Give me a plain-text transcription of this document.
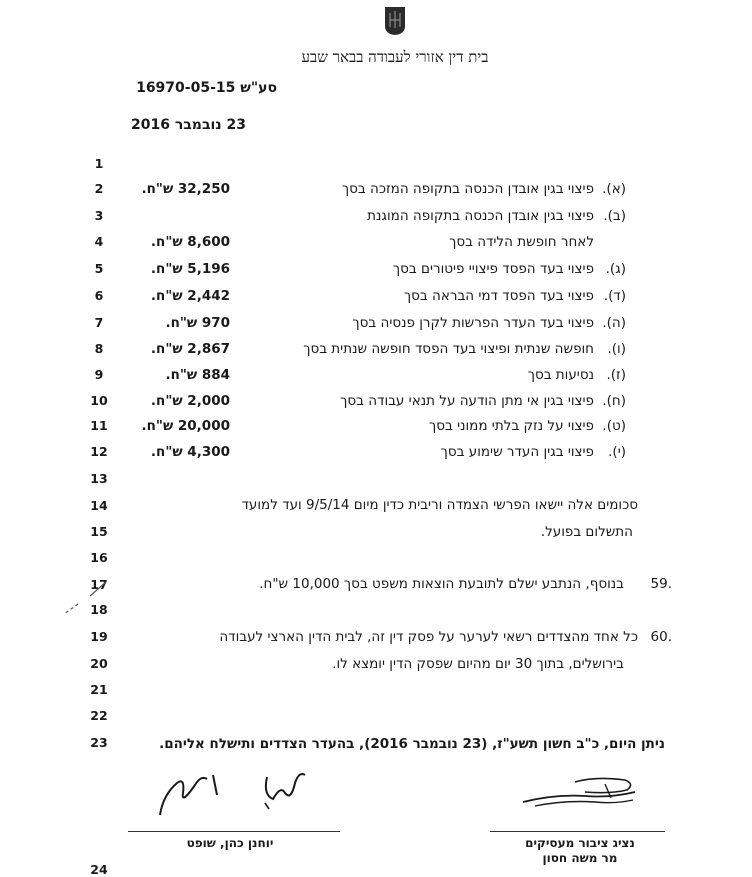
בית דין אזורי לעבודה בבאר שבע
סע"ש 16970-05-15
23 נובמבר 2016
1
2
3
4
5
6
7
8
9
10
11
12
13
14
15
16
17
18
19
20
21
22
23
24
(א).
פיצוי בגין אובדן הכנסה בתקופה המזכה בסך
32,250 ש"ח.
(ב).
פיצוי בגין אובדן הכנסה בתקופה המוגנת
לאחר חופשת הלידה בסך
8,600 ש"ח.
(ג).
פיצוי בעד הפסד פיצויי פיטורים בסך
5,196 ש"ח.
(ד).
פיצוי בעד הפסד דמי הבראה בסך
2,442 ש"ח.
(ה).
פיצוי בעד העדר הפרשות לקרן פנסיה בסך
970 ש"ח.
(ו).
חופשה שנתית ופיצוי בעד הפסד חופשה שנתית בסך
2,867 ש"ח.
(ז).
נסיעות בסך
884 ש"ח.
(ח).
פיצוי בגין אי מתן הודעה על תנאי עבודה בסך
2,000 ש"ח.
(ט).
פיצוי על נזק בלתי ממוני בסך
20,000 ש"ח.
(י).
פיצוי בגין העדר שימוע בסך
4,300 ש"ח.
סכומים אלה יישאו הפרשי הצמדה וריבית כדין מיום 9/5/14 ועד למועד
התשלום בפועל.
.59
בנוסף, הנתבע ישלם לתובעת הוצאות משפט בסך 10,000 ש"ח.
.60
כל אחד מהצדדים רשאי לערער על פסק דין זה, לבית הדין הארצי לעבודה
בירושלים, בתוך 30 יום מהיום שפסק הדין יומצא לו.
ניתן היום, כ"ב חשון תשע"ז, (23 נובמבר 2016), בהעדר הצדדים ותישלח אליהם.
יוחנן כהן, שופט	נציג ציבור מעסיקים
מר משה חסון
